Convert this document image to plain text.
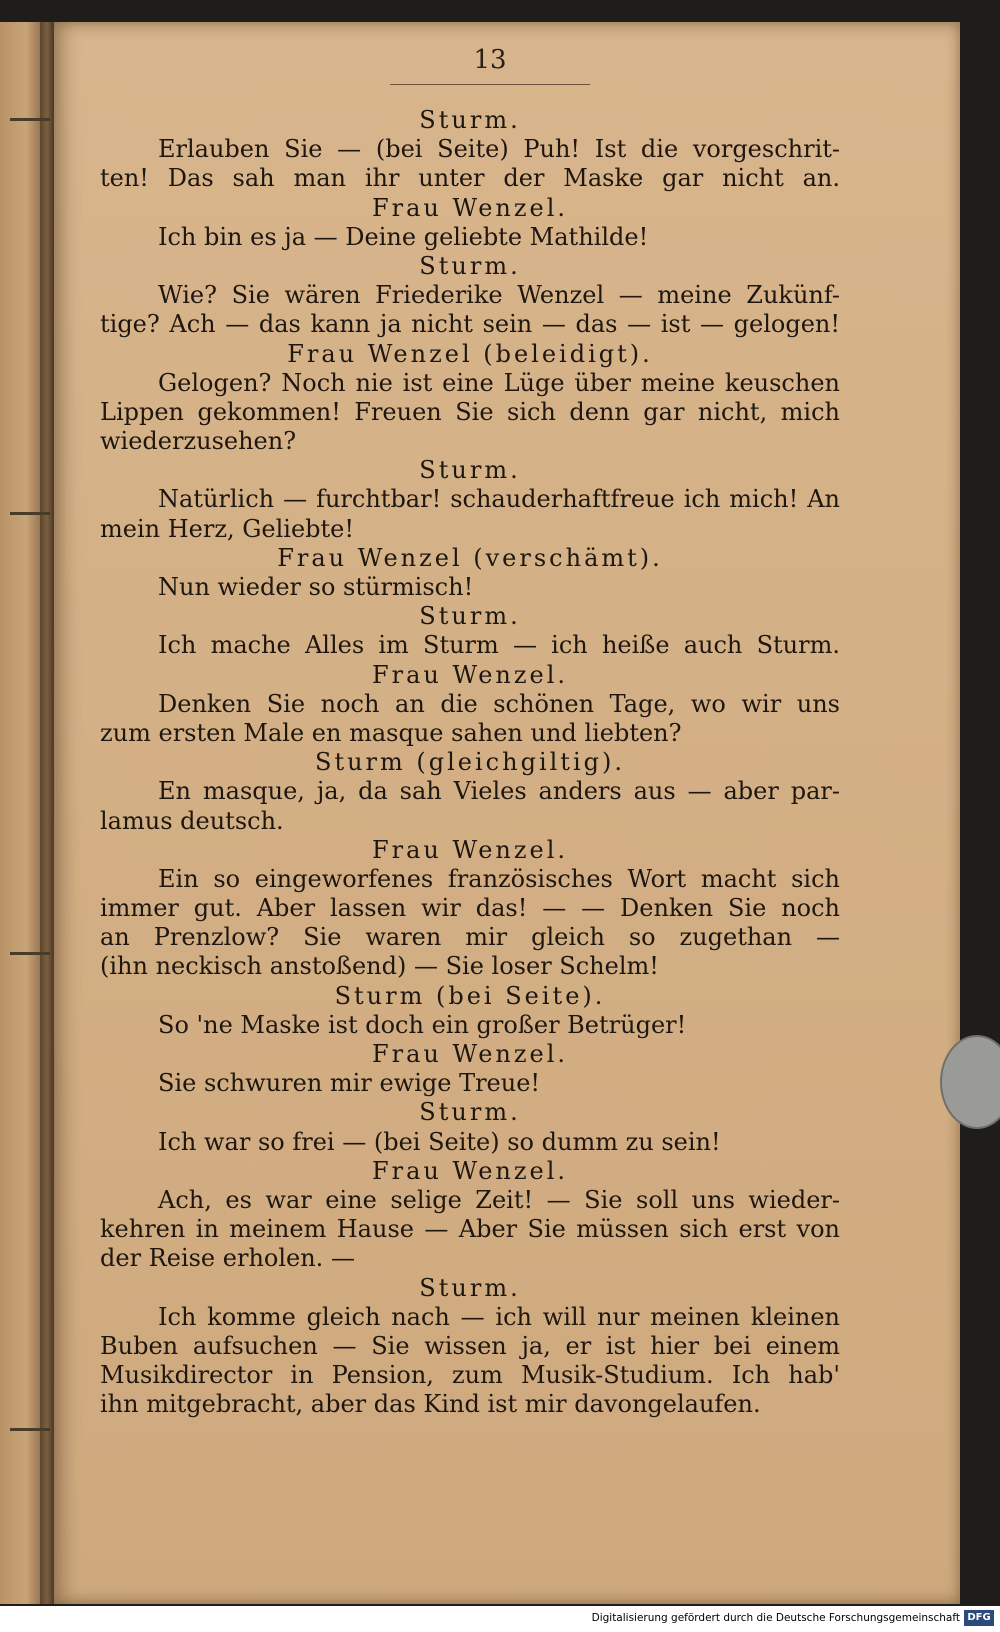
13
Sturm.
Erlauben Sie — (bei Seite) Puh! Ist die vorgeschrit-
ten! Das sah man ihr unter der Maske gar nicht an.
Frau Wenzel.
Ich bin es ja — Deine geliebte Mathilde!
Sturm.
Wie? Sie wären Friederike Wenzel — meine Zukünf-
tige? Ach — das kann ja nicht sein — das — ist — gelogen!
Frau Wenzel (beleidigt).
Gelogen? Noch nie ist eine Lüge über meine keuschen
Lippen gekommen! Freuen Sie sich denn gar nicht, mich
wiederzusehen?
Sturm.
Natürlich — furchtbar! schauderhaftfreue ich mich! An
mein Herz, Geliebte!
Frau Wenzel (verschämt).
Nun wieder so stürmisch!
Sturm.
Ich mache Alles im Sturm — ich heiße auch Sturm.
Frau Wenzel.
Denken Sie noch an die schönen Tage, wo wir uns
zum ersten Male en masque sahen und liebten?
Sturm (gleichgiltig).
En masque, ja, da sah Vieles anders aus — aber par-
lamus deutsch.
Frau Wenzel.
Ein so eingeworfenes französisches Wort macht sich
immer gut. Aber lassen wir das! — — Denken Sie noch
an Prenzlow? Sie waren mir gleich so zugethan —
(ihn neckisch anstoßend) — Sie loser Schelm!
Sturm (bei Seite).
So 'ne Maske ist doch ein großer Betrüger!
Frau Wenzel.
Sie schwuren mir ewige Treue!
Sturm.
Ich war so frei — (bei Seite) so dumm zu sein!
Frau Wenzel.
Ach, es war eine selige Zeit! — Sie soll uns wieder-
kehren in meinem Hause — Aber Sie müssen sich erst von
der Reise erholen. —
Sturm.
Ich komme gleich nach — ich will nur meinen kleinen
Buben aufsuchen — Sie wissen ja, er ist hier bei einem
Musikdirector in Pension, zum Musik-Studium. Ich hab'
ihn mitgebracht, aber das Kind ist mir davongelaufen.
Digitalisierung gefördert durch die Deutsche Forschungsgemeinschaft DFG
